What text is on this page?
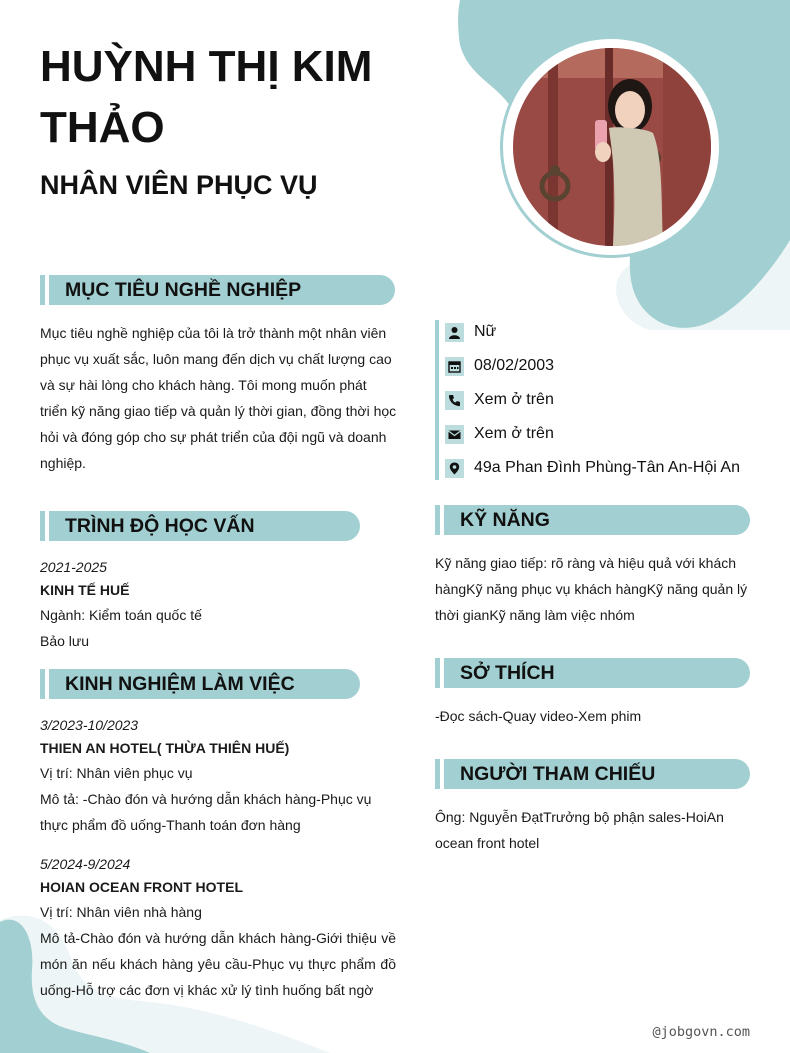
HUỲNH THỊ KIM THẢO
NHÂN VIÊN PHỤC VỤ
MỤC TIÊU NGHỀ NGHIỆP
Mục tiêu nghề nghiệp của tôi là trở thành một nhân viên phục vụ xuất sắc, luôn mang đến dịch vụ chất lượng cao và sự hài lòng cho khách hàng. Tôi mong muốn phát triển kỹ năng giao tiếp và quản lý thời gian, đồng thời học hỏi và đóng góp cho sự phát triển của đội ngũ và doanh nghiệp.
TRÌNH ĐỘ HỌC VẤN
2021-2025
KINH TẾ HUẾ
Ngành: Kiểm toán quốc tế
Bảo lưu
KINH NGHIỆM LÀM VIỆC
3/2023-10/2023
THIEN AN HOTEL( THỪA THIÊN HUẾ)
Vị trí: Nhân viên phục vụ
Mô tả: -Chào đón và hướng dẫn khách hàng-Phục vụ thực phẩm đồ uống-Thanh toán đơn hàng
5/2024-9/2024
HOIAN OCEAN FRONT HOTEL
Vị trí: Nhân viên nhà hàng
Mô tả-Chào đón và hướng dẫn khách hàng-Giới thiệu về món ăn nếu khách hàng yêu cầu-Phục vụ thực phẩm đồ uống-Hỗ trợ các đơn vị khác xử lý tình huống bất ngờ
Nữ
08/02/2003
Xem ở trên
Xem ở trên
49a Phan Đình Phùng-Tân An-Hội An
KỸ NĂNG
Kỹ năng giao tiếp: rõ ràng và hiệu quả với khách hàngKỹ năng phục vụ khách hàngKỹ năng quản lý thời gianKỹ năng làm việc nhóm
SỞ THÍCH
-Đọc sách-Quay video-Xem phim
NGƯỜI THAM CHIẾU
Ông: Nguyễn ĐạtTrưởng bộ phận sales-HoiAn ocean front hotel
@jobgovn.com
